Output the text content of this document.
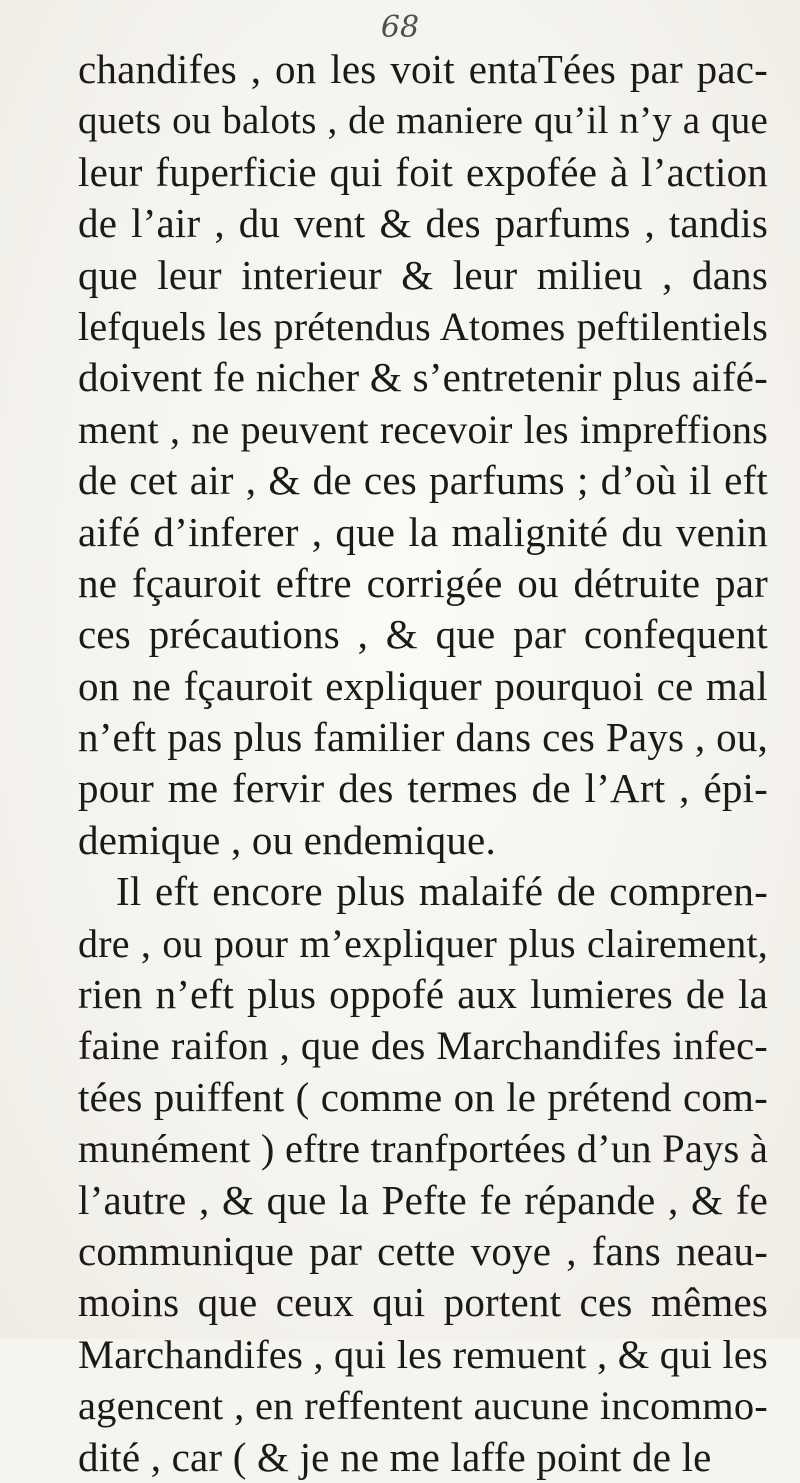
68
chandifes , on les voit entaTées par pac-
quets ou balots , de maniere qu’il n’y a que
leur fuperficie qui foit expofée à l’action
de l’air , du vent & des parfums , tandis
que leur interieur & leur milieu , dans
lefquels les prétendus Atomes peftilentiels
doivent fe nicher & s’entretenir plus aifé-
ment , ne peuvent recevoir les impreffions
de cet air , & de ces parfums ; d’où il eft
aifé d’inferer , que la malignité du venin
ne fçauroit eftre corrigée ou détruite par
ces précautions , & que par confequent
on ne fçauroit expliquer pourquoi ce mal
n’eft pas plus familier dans ces Pays , ou,
pour me fervir des termes de l’Art , épi-
demique , ou endemique.
Il eft encore plus malaifé de compren-
dre , ou pour m’expliquer plus clairement,
rien n’eft plus oppofé aux lumieres de la
faine raifon , que des Marchandifes infec-
tées puiffent ( comme on le prétend com-
munément ) eftre tranfportées d’un Pays à
l’autre , & que la Pefte fe répande , & fe
communique par cette voye , fans neau-
moins que ceux qui portent ces mêmes
Marchandifes , qui les remuent , & qui les
agencent , en reffentent aucune incommo-
dité , car ( & je ne me laffe point de le
